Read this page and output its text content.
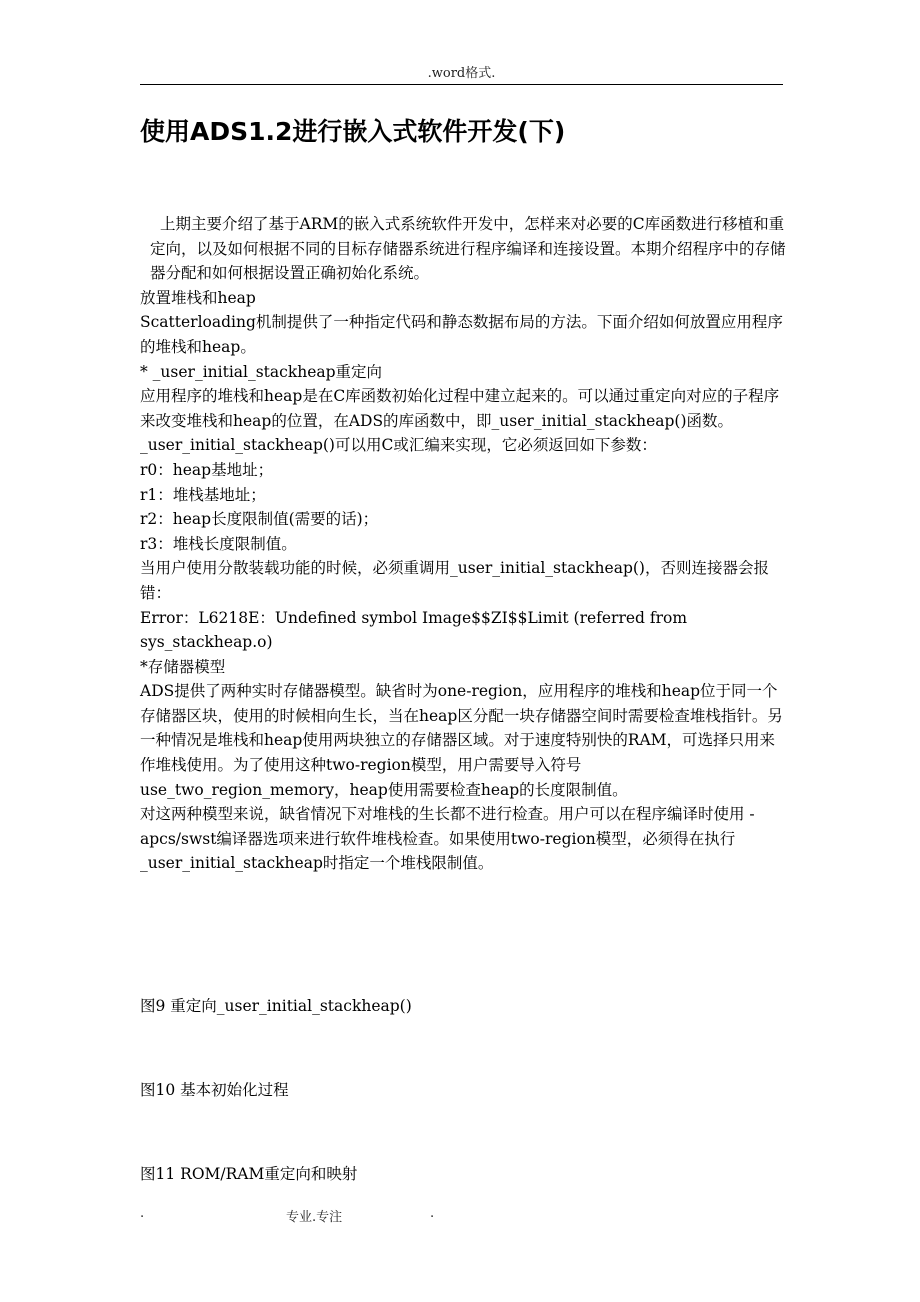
.word格式.
使用ADS1.2进行嵌入式软件开发(下)

上期主要介绍了基于ARM的嵌入式系统软件开发中，怎样来对必要的C库函数进行移植和重定向，以及如何根据不同的目标存储器系统进行程序编译和连接设置。本期介绍程序中的存储器分配和如何根据设置正确初始化系统。

放置堆栈和heap

Scatterloading机制提供了一种指定代码和静态数据布局的方法。下面介绍如何放置应用程序的堆栈和heap。

* _user_initial_stackheap重定向

应用程序的堆栈和heap是在C库函数初始化过程中建立起来的。可以通过重定向对应的子程序来改变堆栈和heap的位置，在ADS的库函数中，即_user_initial_stackheap()函数。

_user_initial_stackheap()可以用C或汇编来实现，它必须返回如下参数：

r0：heap基地址；

r1：堆栈基地址；

r2：heap长度限制值(需要的话)；

r3：堆栈长度限制值。

当用户使用分散装载功能的时候，必须重调用_user_initial_stackheap()，否则连接器会报错：

Error：L6218E：Undefined symbol Image$$ZI$$Limit (referred from sys_stackheap.o)

*存储器模型

ADS提供了两种实时存储器模型。缺省时为one-region，应用程序的堆栈和heap位于同一个存储器区块，使用的时候相向生长，当在heap区分配一块存储器空间时需要检查堆栈指针。另一种情况是堆栈和heap使用两块独立的存储器区域。对于速度特别快的RAM，可选择只用来作堆栈使用。为了使用这种two-region模型，用户需要导入符号use_two_region_memory，heap使用需要检查heap的长度限制值。

对这两种模型来说，缺省情况下对堆栈的生长都不进行检查。用户可以在程序编译时使用 -apcs/swst编译器选项来进行软件堆栈检查。如果使用two-region模型，必须得在执行_user_initial_stackheap时指定一个堆栈限制值。

图9 重定向_user_initial_stackheap()
图10 基本初始化过程
图11 ROM/RAM重定向和映射
.	专业.专注	.
